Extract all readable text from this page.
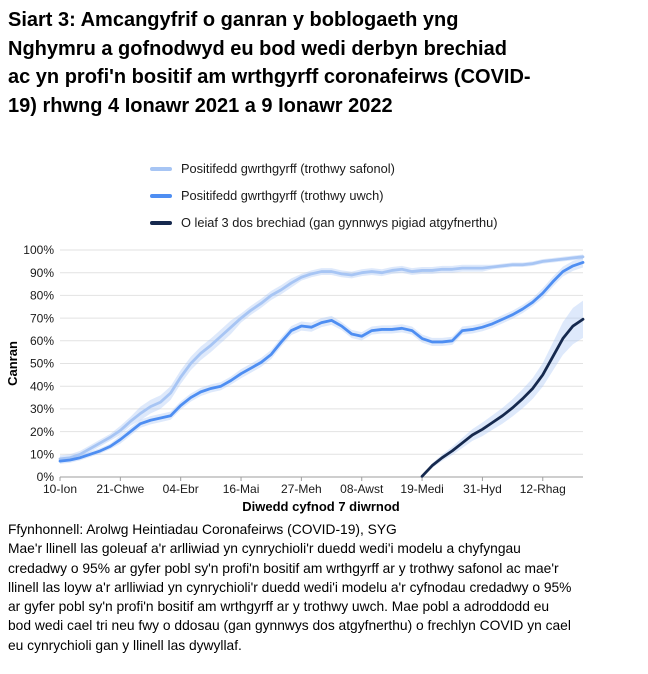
Siart 3: Amcangyfrif o ganran y boblogaeth yng
Nghymru a gofnodwyd eu bod wedi derbyn brechiad
ac yn profi'n bositif am wrthgyrff coronafeirws (COVID-
19) rhwng 4 Ionawr 2021 a 9 Ionawr 2022
Positifedd gwrthgyrff (trothwy safonol)
Positifedd gwrthgyrff (trothwy uwch)
O leiaf 3 dos brechiad (gan gynnwys pigiad atgyfnerthu)
0%
10%
20%
30%
40%
50%
60%
70%
80%
90%
100%
10-Ion 21-Chwe 04-Ebr 16-Mai 27-Meh 08-Awst 19-Medi 31-Hyd 12-Rhag
Diwedd cyfnod 7 diwrnod
Canran
Ffynhonnell: Arolwg Heintiadau Coronafeirws (COVID-19), SYG
Mae'r llinell las goleuaf a'r arlliwiad yn cynrychioli'r duedd wedi'i modelu a chyfyngau
credadwy o 95% ar gyfer pobl sy'n profi'n bositif am wrthgyrff ar y trothwy safonol ac mae'r
llinell las loyw a'r arlliwiad yn cynrychioli'r duedd wedi'i modelu a'r cyfnodau credadwy o 95%
ar gyfer pobl sy'n profi'n bositif am wrthgyrff ar y trothwy uwch. Mae pobl a adroddodd eu
bod wedi cael tri neu fwy o ddosau (gan gynnwys dos atgyfnerthu) o frechlyn COVID yn cael
eu cynrychioli gan y llinell las dywyllaf.
